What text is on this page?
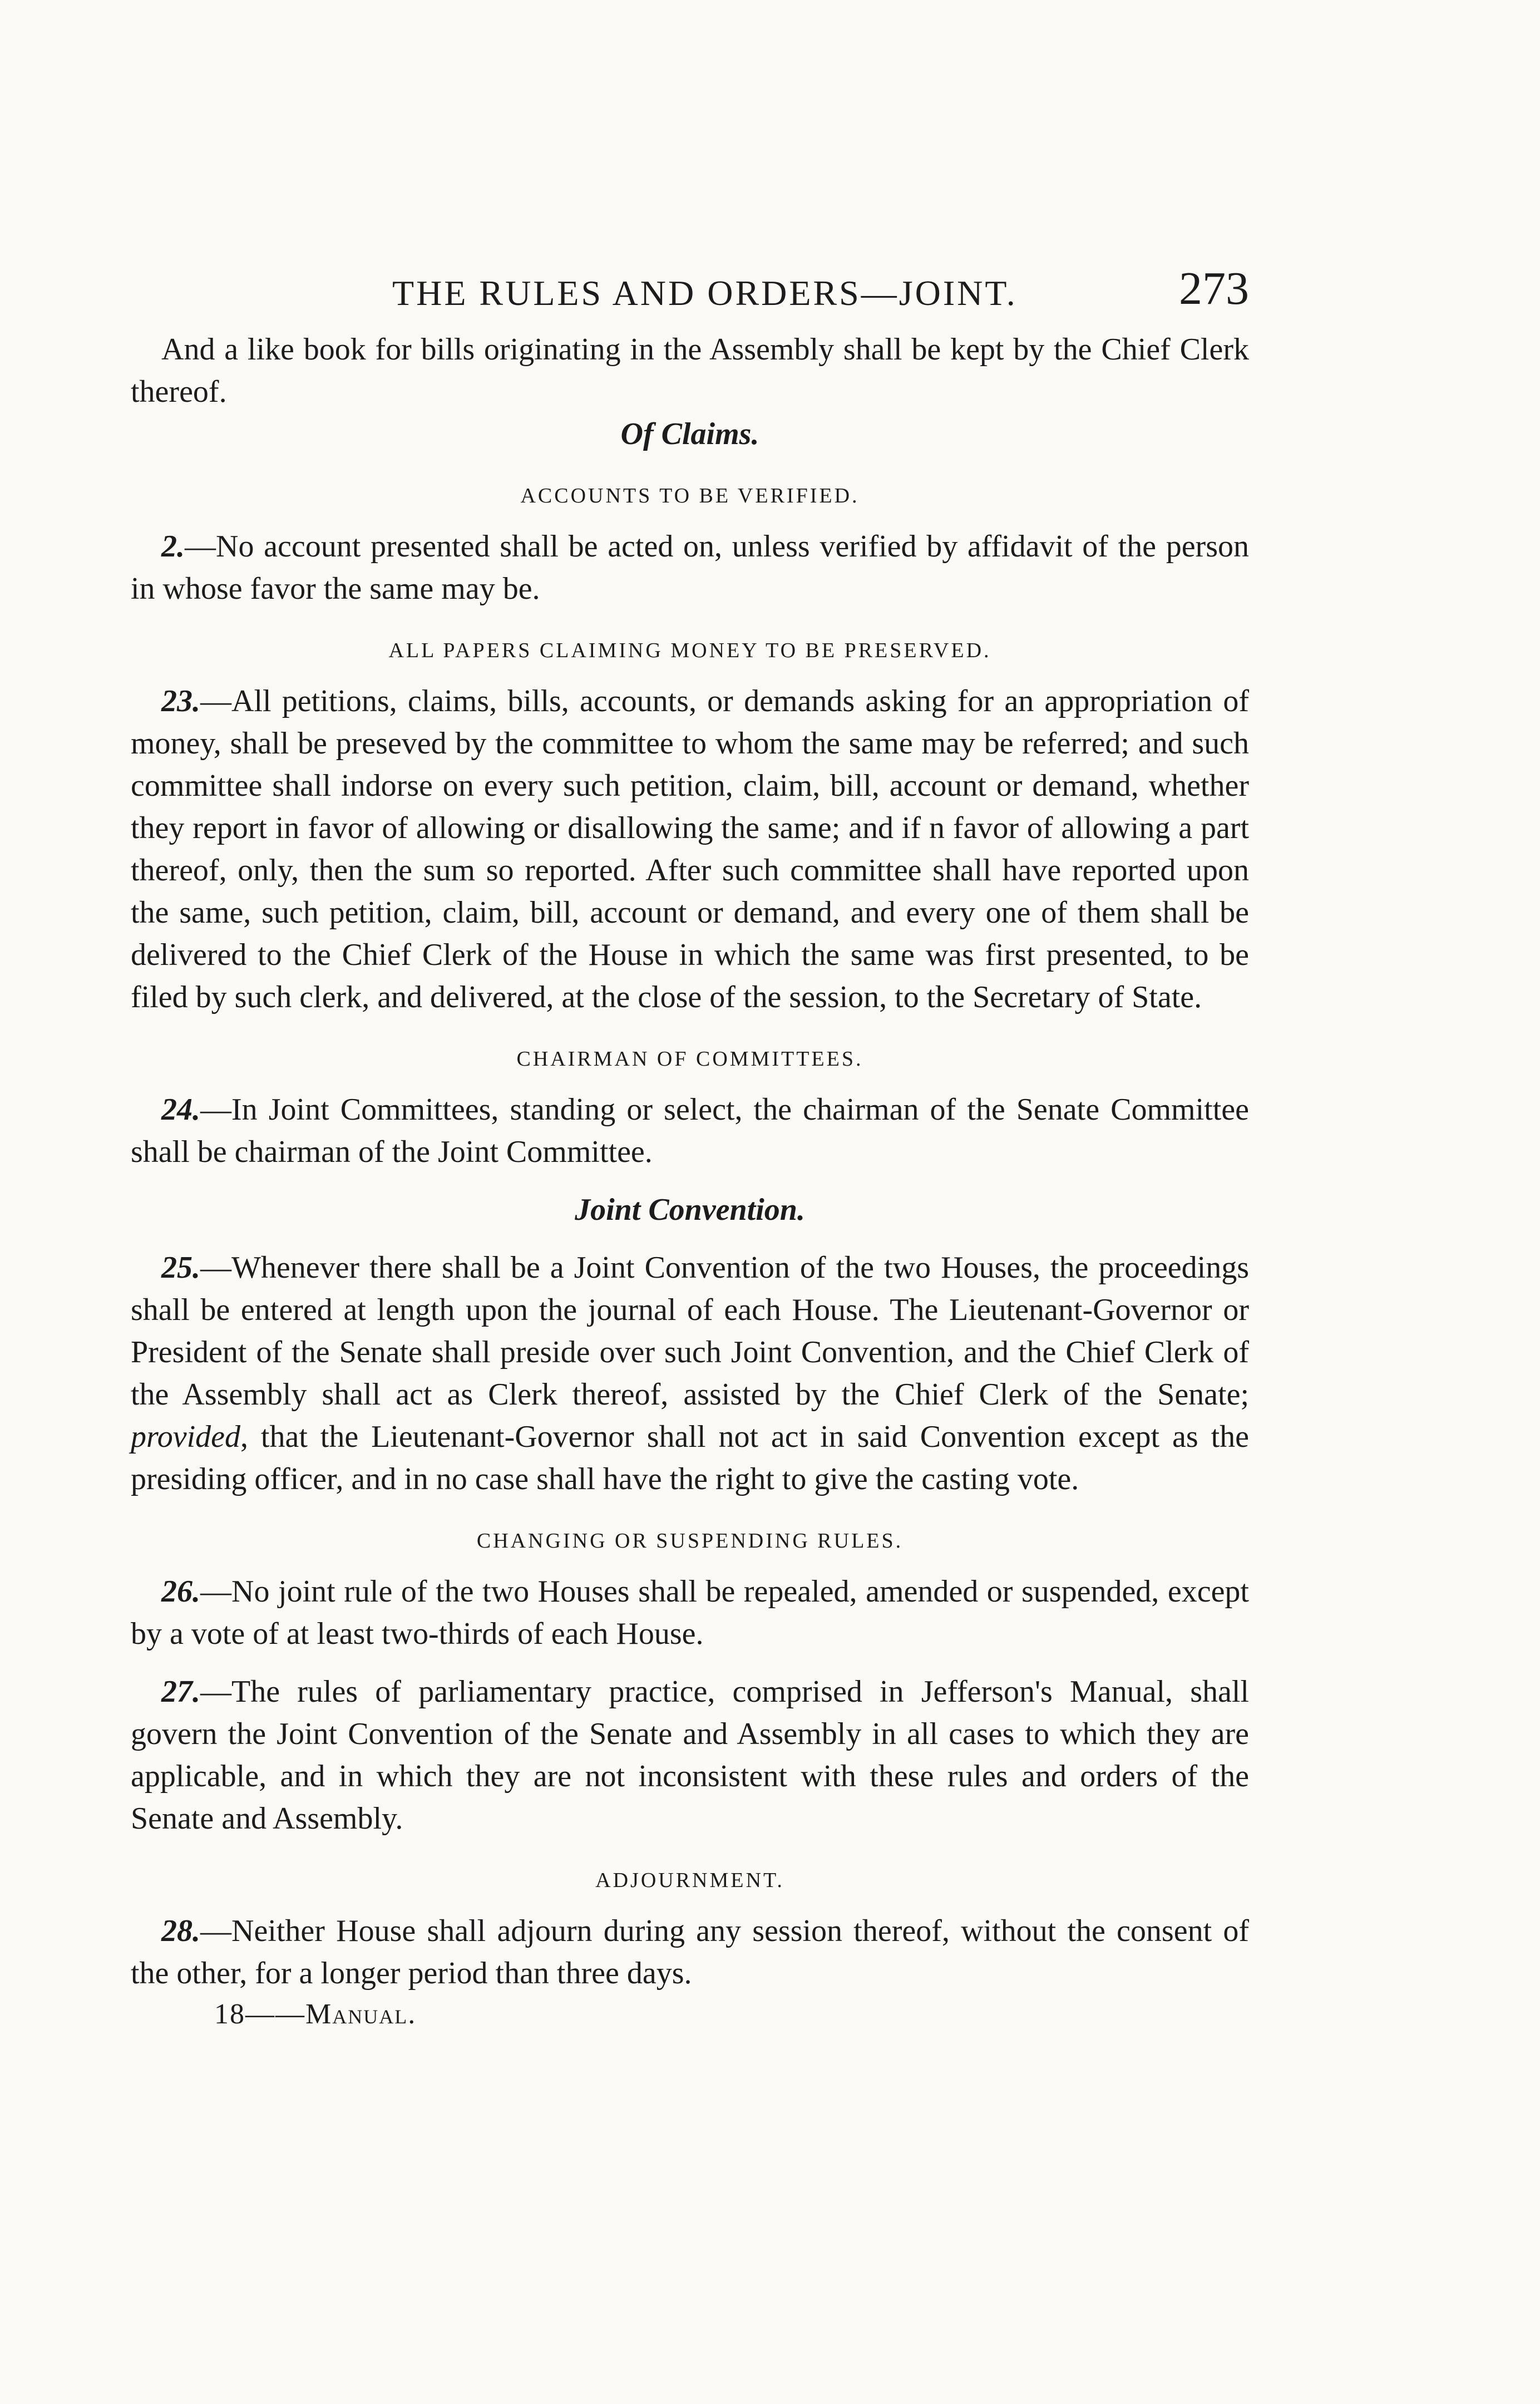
THE RULES AND ORDERS—JOINT.	273

And a like book for bills originating in the Assembly shall be kept by the Chief Clerk thereof.

Of Claims.
ACCOUNTS TO BE VERIFIED.

2.—No account presented shall be acted on, unless verified by affidavit of the person in whose favor the same may be.

ALL PAPERS CLAIMING MONEY TO BE PRESERVED.

23.—All petitions, claims, bills, accounts, or demands asking for an appropriation of money, shall be preseved by the committee to whom the same may be referred; and such committee shall indorse on every such petition, claim, bill, account or demand, whether they report in favor of allowing or disallowing the same; and if n favor of allowing a part thereof, only, then the sum so reported. After such committee shall have reported upon the same, such petition, claim, bill, account or demand, and every one of them shall be delivered to the Chief Clerk of the House in which the same was first presented, to be filed by such clerk, and delivered, at the close of the session, to the Secretary of State.

CHAIRMAN OF COMMITTEES.

24.—In Joint Committees, standing or select, the chairman of the Senate Committee shall be chairman of the Joint Committee.

Joint Convention.

25.—Whenever there shall be a Joint Convention of the two Houses, the proceedings shall be entered at length upon the journal of each House. The Lieutenant-Governor or President of the Senate shall preside over such Joint Convention, and the Chief Clerk of the Assembly shall act as Clerk thereof, assisted by the Chief Clerk of the Senate; provided, that the Lieutenant-Governor shall not act in said Convention except as the presiding officer, and in no case shall have the right to give the casting vote.

CHANGING OR SUSPENDING RULES.

26.—No joint rule of the two Houses shall be repealed, amended or suspended, except by a vote of at least two-thirds of each House.

27.—The rules of parliamentary practice, comprised in Jefferson's Manual, shall govern the Joint Convention of the Senate and Assembly in all cases to which they are applicable, and in which they are not inconsistent with these rules and orders of the Senate and Assembly.

ADJOURNMENT.

28.—Neither House shall adjourn during any session thereof, without the consent of the other, for a longer period than three days.

18——Manual.
